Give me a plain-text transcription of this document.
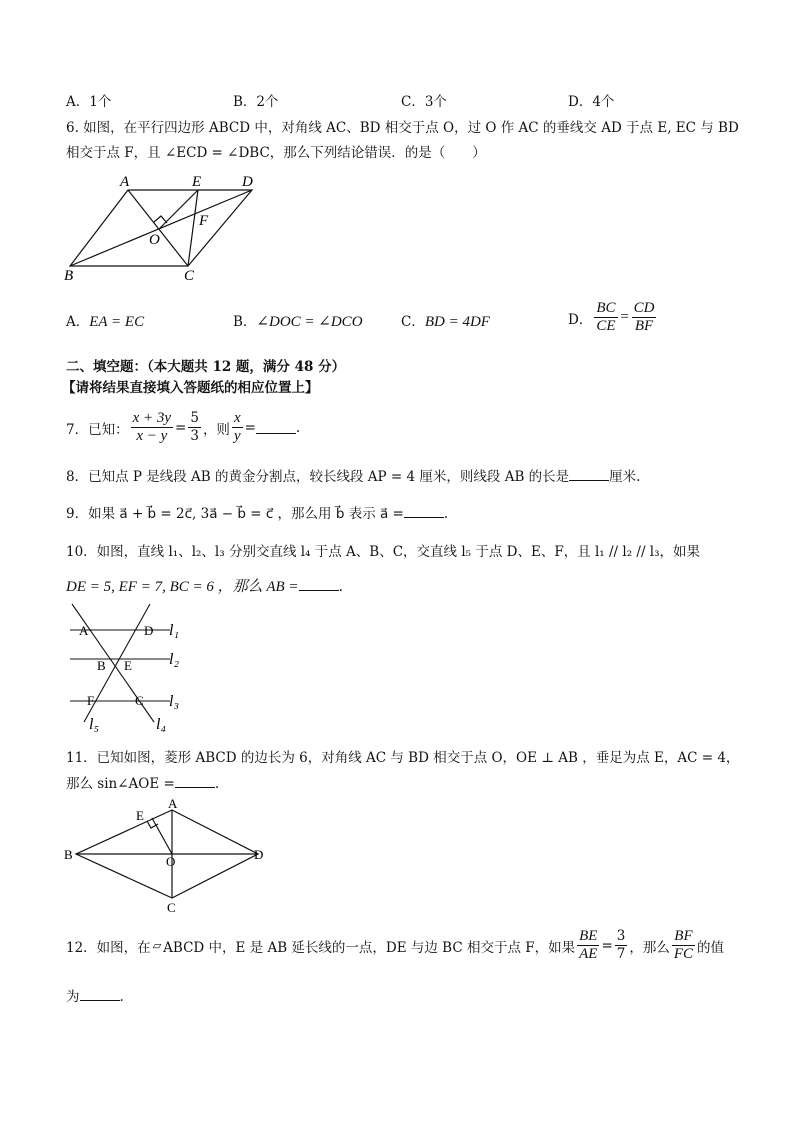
A．1个	B．2个	C．3个	D．4个
6. 如图，在平行四边形 ABCD 中，对角线 AC、BD 相交于点 O，过 O 作 AC 的垂线交 AD 于点 E, EC 与 BD
相交于点 F，且 ∠ECD = ∠DBC，那么下列结论错误．的是（　　）
A	E	D
F
O
B	C
A．EA = EC	B．∠DOC = ∠DCO	C．BD = 4DF	D． $\frac{BC}{CE} = \frac{CD}{BF}$
二、填空题：（本大题共 12 题，满分 48 分）
【请将结果直接填入答题纸的相应位置上】
7．已知： $\frac{x + 3y}{x - y} = \frac{5}{3}$ ，则 $\frac{x}{y}$ =	.
8．已知点 P 是线段 AB 的黄金分割点，较长线段 AP = 4 厘米，则线段 AB 的长是	厘米.
9．如果 a⃗ + b⃗ = 2c⃗, 3a⃗ − b⃗ = c⃗ ，那么用 b⃗ 表示 a⃗ =	.
10．如图，直线 l₁、l₂、l₃ 分别交直线 l₄ 于点 A、B、C，交直线 l₅ 于点 D、E、F，且 l₁ // l₂ // l₃，如果
DE = 5, EF = 7, BC = 6 ，那么 AB =	.
A	D l₁
B E l₂
F	C l₃
l₅	l₄
11．已知如图，菱形 ABCD 的边长为 6，对角线 AC 与 BD 相交于点 O，OE ⊥ AB ，垂足为点 E，AC = 4，
那么 sin∠AOE =	.
E
A
B	O	D
C
12．如图，在 ▱ ABCD 中，E 是 AB 延长线的一点，DE 与边 BC 相交于点 F，如果 $\frac{BE}{AE} = \frac{3}{7}$ ，那么 $\frac{BF}{FC}$ 的值
为	.
